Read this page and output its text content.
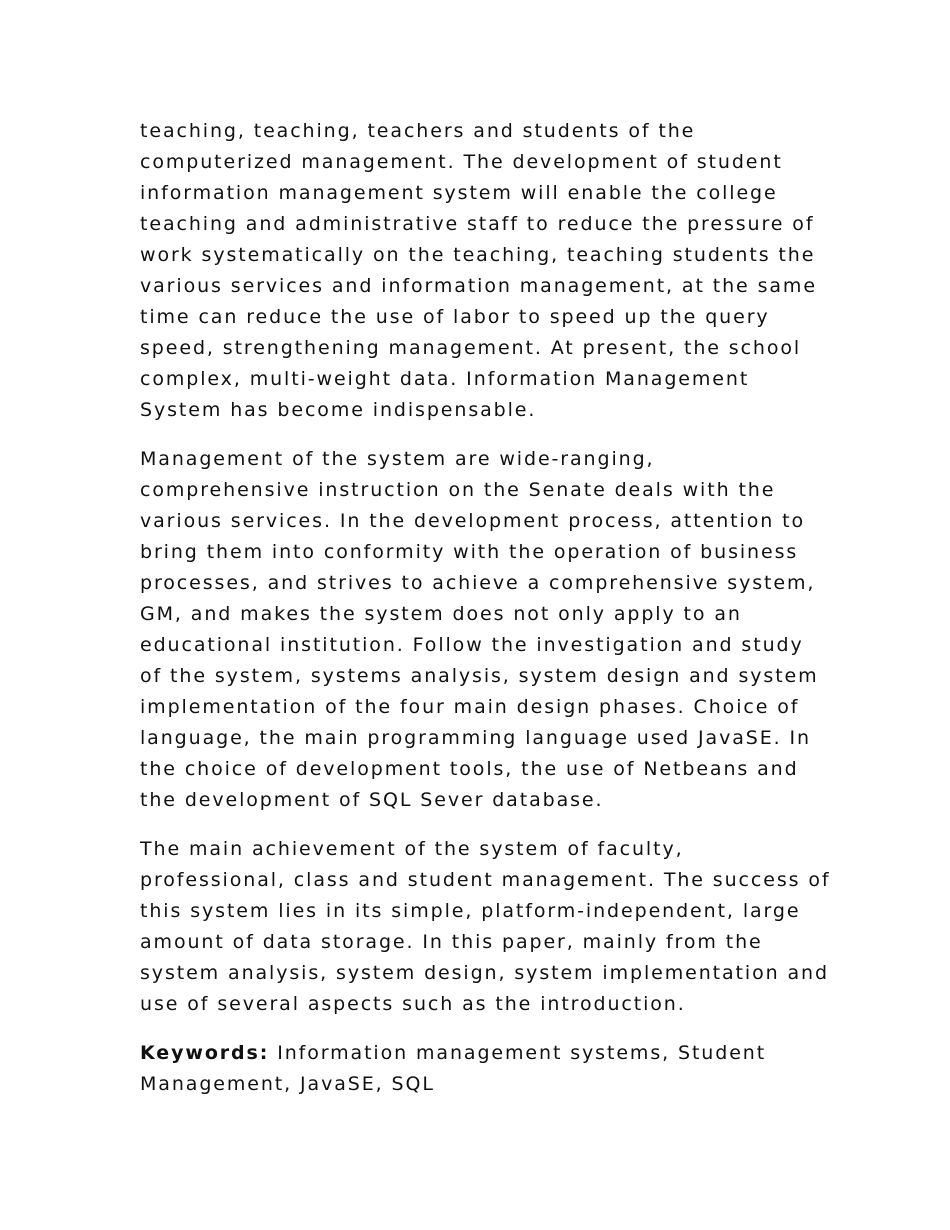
teaching, teaching, teachers and students of the
computerized management. The development of student
information management system will enable the college
teaching and administrative staff to reduce the pressure of
work systematically on the teaching, teaching students the
various services and information management, at the same
time can reduce the use of labor to speed up the query
speed, strengthening management. At present, the school
complex, multi-weight data. Information Management
System has become indispensable.

Management of the system are wide-ranging,
comprehensive instruction on the Senate deals with the
various services. In the development process, attention to
bring them into conformity with the operation of business
processes, and strives to achieve a comprehensive system,
GM, and makes the system does not only apply to an
educational institution. Follow the investigation and study
of the system, systems analysis, system design and system
implementation of the four main design phases. Choice of
language, the main programming language used JavaSE. In
the choice of development tools, the use of Netbeans and
the development of SQL Sever database.

The main achievement of the system of faculty,
professional, class and student management. The success of
this system lies in its simple, platform-independent, large
amount of data storage. In this paper, mainly from the
system analysis, system design, system implementation and
use of several aspects such as the introduction.

Keywords: Information management systems, Student
Management, JavaSE, SQL
